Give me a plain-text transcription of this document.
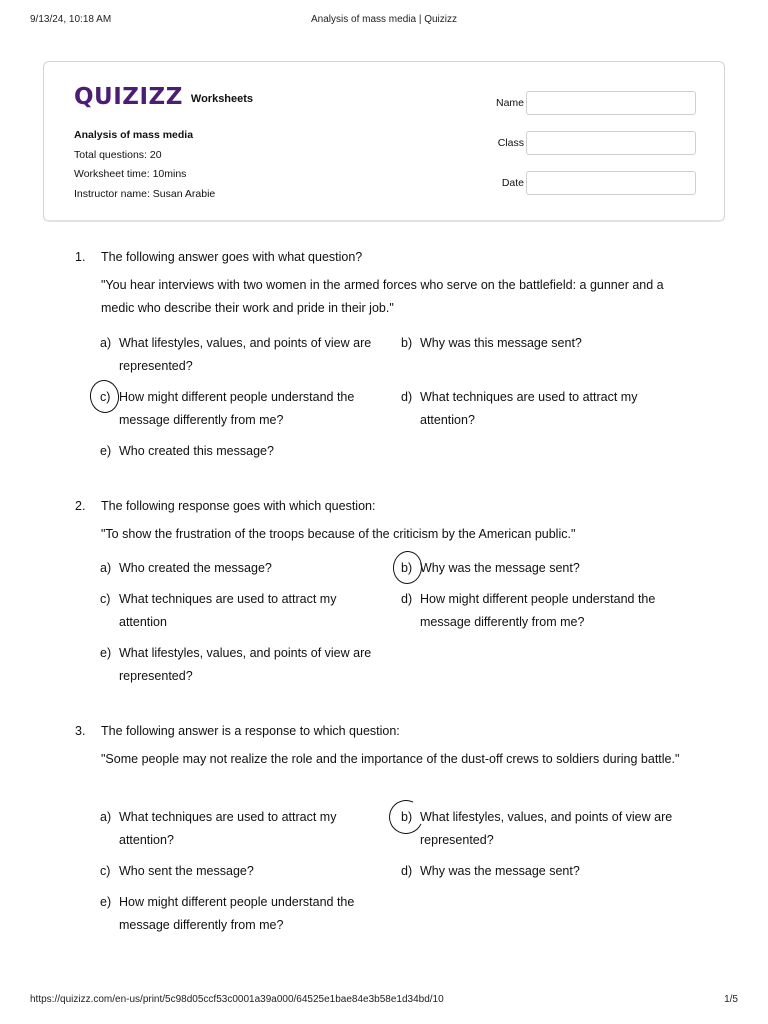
9/13/24, 10:18 AM	Analysis of mass media | Quizizz
QUIZIZZ Worksheets
Analysis of mass media
Total questions: 20
Worksheet time: 10mins
Instructor name: Susan Arabie
Name
Class
Date
1. The following answer goes with what question?
"You hear interviews with two women in the armed forces who serve on the battlefield: a gunner and a medic who describe their work and pride in their job."
a) What lifestyles, values, and points of view are represented?
b) Why was this message sent?
c) How might different people understand the message differently from me?
d) What techniques are used to attract my attention?
e) Who created this message?
2. The following response goes with which question:
"To show the frustration of the troops because of the criticism by the American public."
a) Who created the message?	b) Why was the message sent?
c) What techniques are used to attract my attention
d) How might different people understand the message differently from me?
e) What lifestyles, values, and points of view are represented?
3. The following answer is a response to which question:
"Some people may not realize the role and the importance of the dust-off crews to soldiers during battle."
a) What techniques are used to attract my attention?
b) What lifestyles, values, and points of view are represented?
c) Who sent the message?	d) Why was the message sent?
e) How might different people understand the message differently from me?
https://quizizz.com/en-us/print/5c98d05ccf53c0001a39a000/64525e1bae84e3b58e1d34bd/10	1/5
